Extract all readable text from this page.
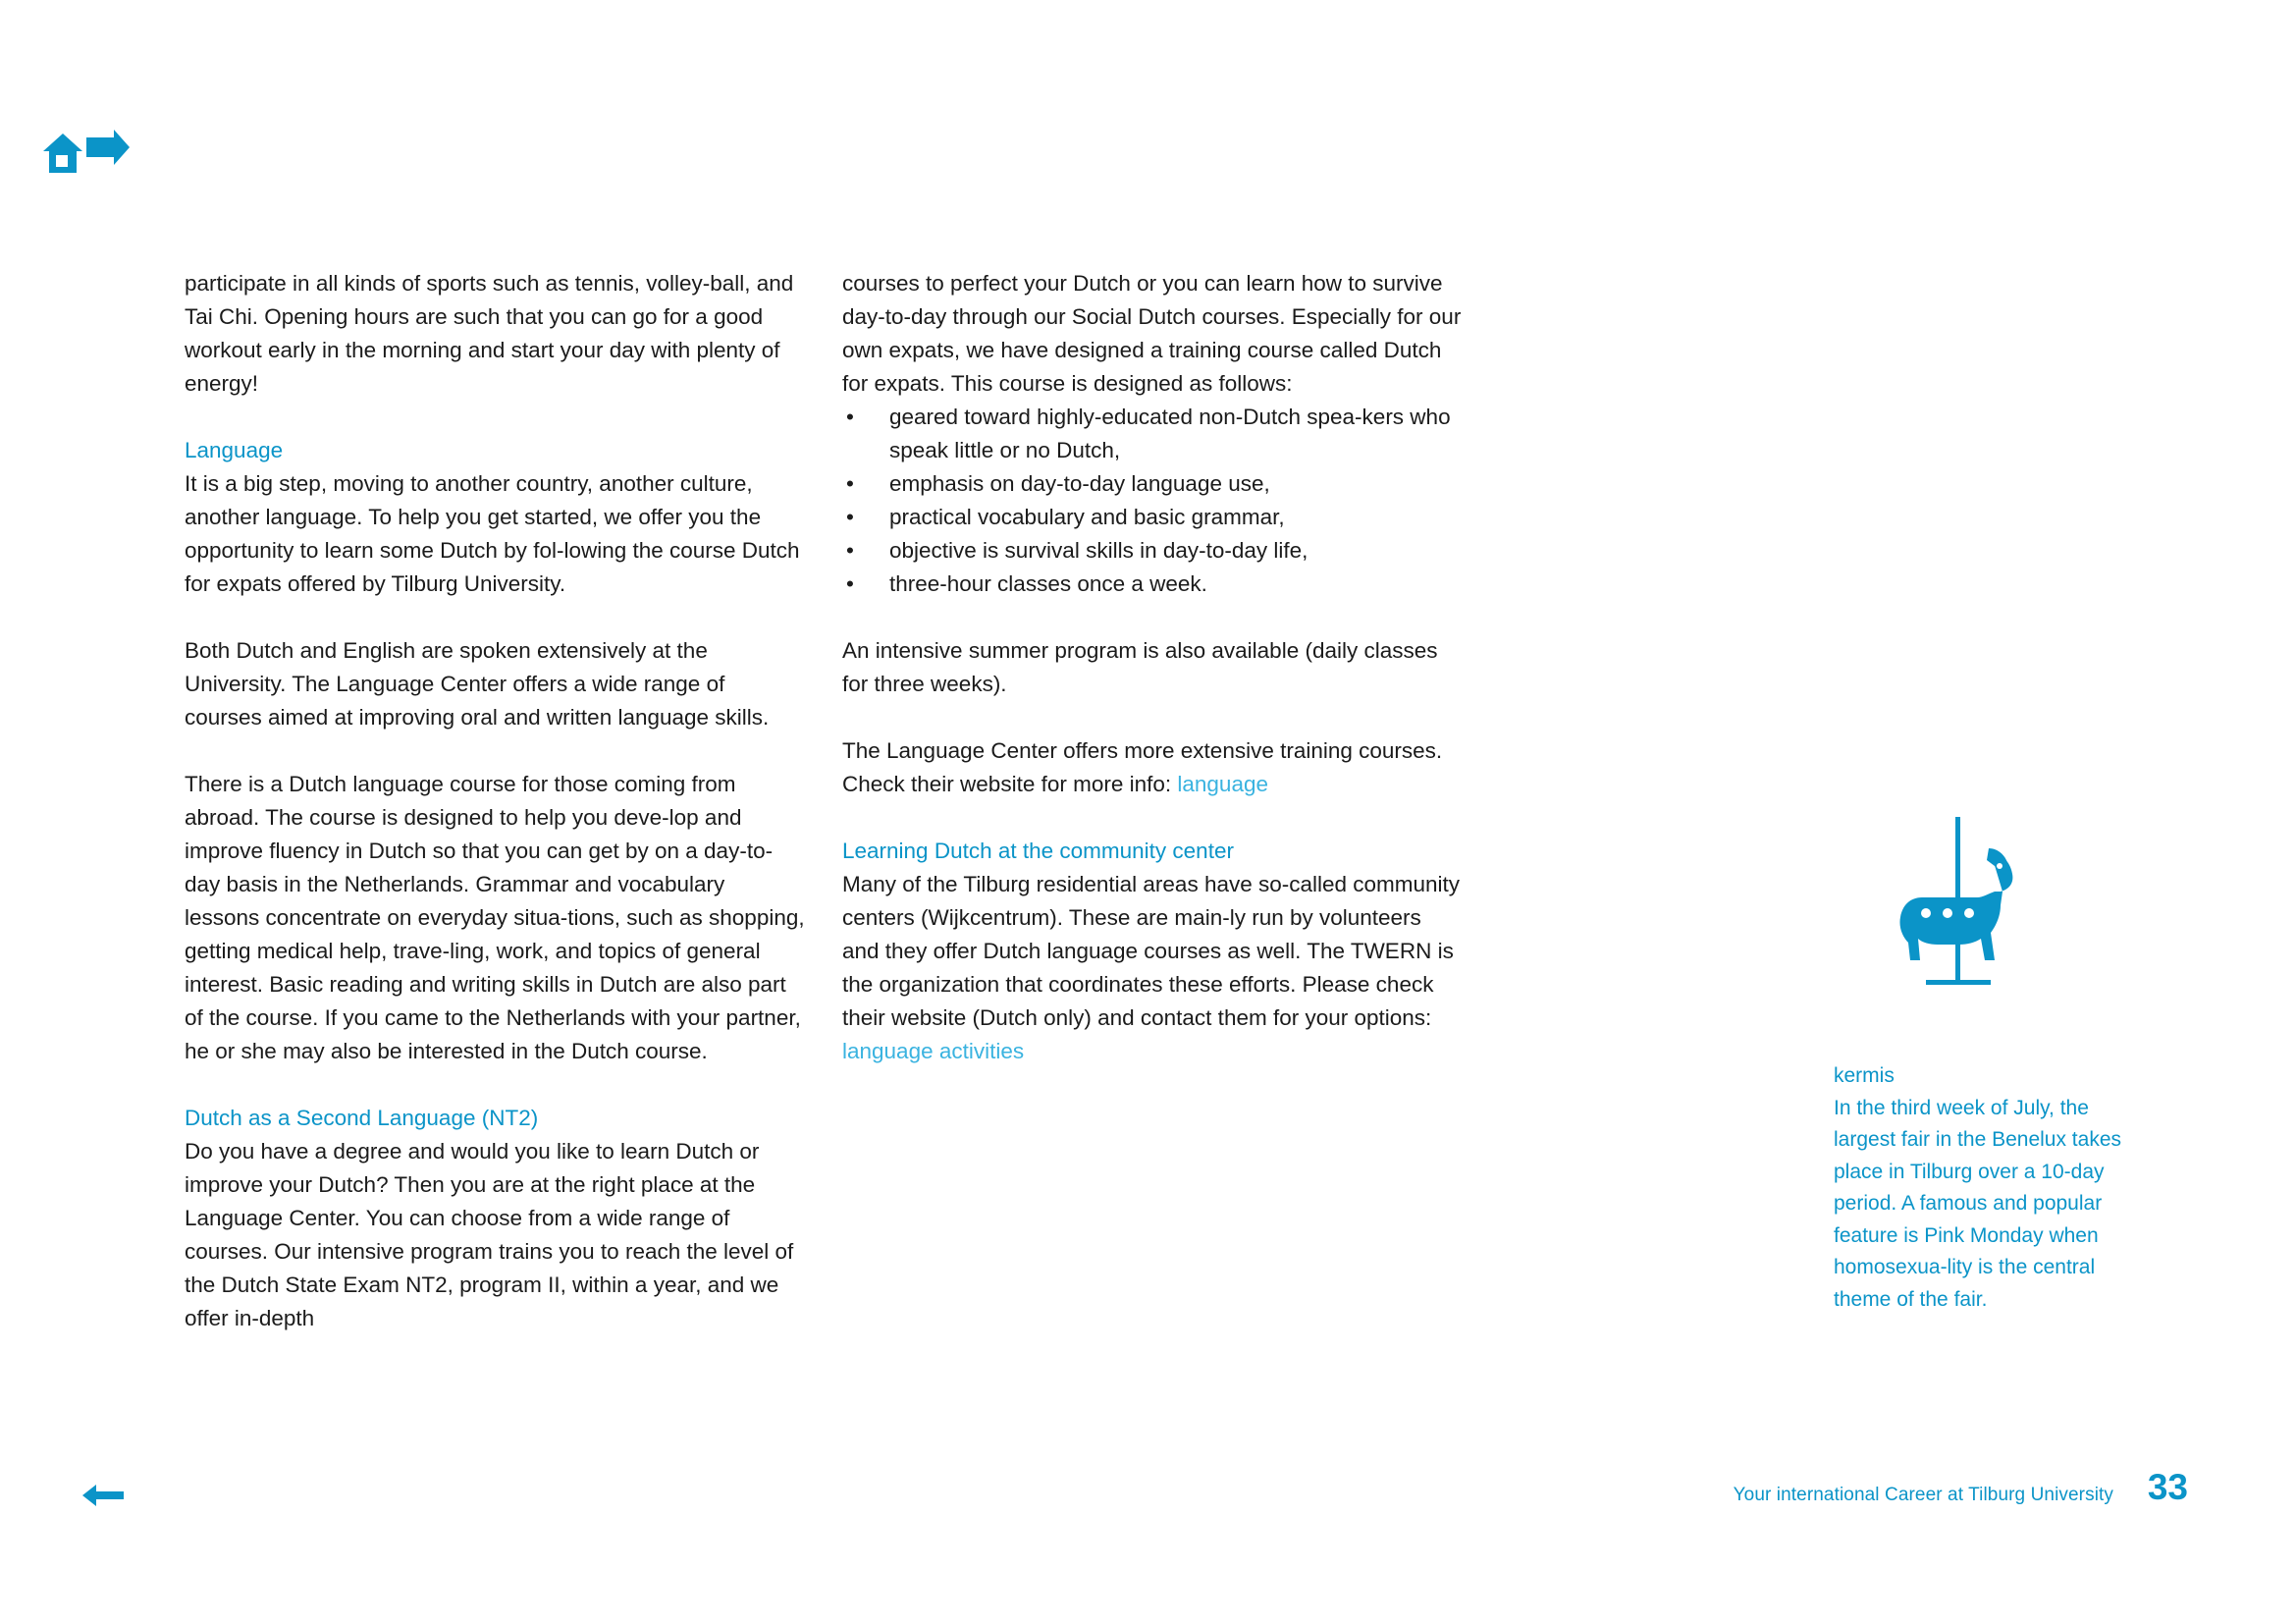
participate in all kinds of sports such as tennis, volley-ball, and Tai Chi. Opening hours are such that you can go for a good workout early in the morning and start your day with plenty of energy!

Language

It is a big step, moving to another country, another culture, another language. To help you get started, we offer you the opportunity to learn some Dutch by fol-lowing the course Dutch for expats offered by Tilburg University.

Both Dutch and English are spoken extensively at the University. The Language Center offers a wide range of courses aimed at improving oral and written language skills.

There is a Dutch language course for those coming from abroad. The course is designed to help you deve-lop and improve fluency in Dutch so that you can get by on a day-to-day basis in the Netherlands. Grammar and vocabulary lessons concentrate on everyday situa-tions, such as shopping, getting medical help, trave-ling, work, and topics of general interest. Basic reading and writing skills in Dutch are also part of the course. If you came to the Netherlands with your partner, he or she may also be interested in the Dutch course.

Dutch as a Second Language (NT2)

Do you have a degree and would you like to learn Dutch or improve your Dutch? Then you are at the right place at the Language Center. You can choose from a wide range of courses. Our intensive program trains you to reach the level of the Dutch State Exam NT2, program II, within a year, and we offer in-depth

courses to perfect your Dutch or you can learn how to survive day-to-day through our Social Dutch courses. Especially for our own expats, we have designed a training course called Dutch for expats. This course is designed as follows:

• geared toward highly-educated non-Dutch spea-kers who speak little or no Dutch,
• emphasis on day-to-day language use,
• practical vocabulary and basic grammar,
• objective is survival skills in day-to-day life,
• three-hour classes once a week.

An intensive summer program is also available (daily classes for three weeks).

The Language Center offers more extensive training courses. Check their website for more info: language

Learning Dutch at the community center

Many of the Tilburg residential areas have so-called community centers (Wijkcentrum). These are main-ly run by volunteers and they offer Dutch language courses as well. The TWERN is the organization that coordinates these efforts. Please check their website (Dutch only) and contact them for your options:

language activities

kermis
In the third week of July, the largest fair in the Benelux takes place in Tilburg over a 10-day period. A famous and popular feature is Pink Monday when homosexua-lity is the central theme of the fair.
Your international Career at Tilburg University 33
